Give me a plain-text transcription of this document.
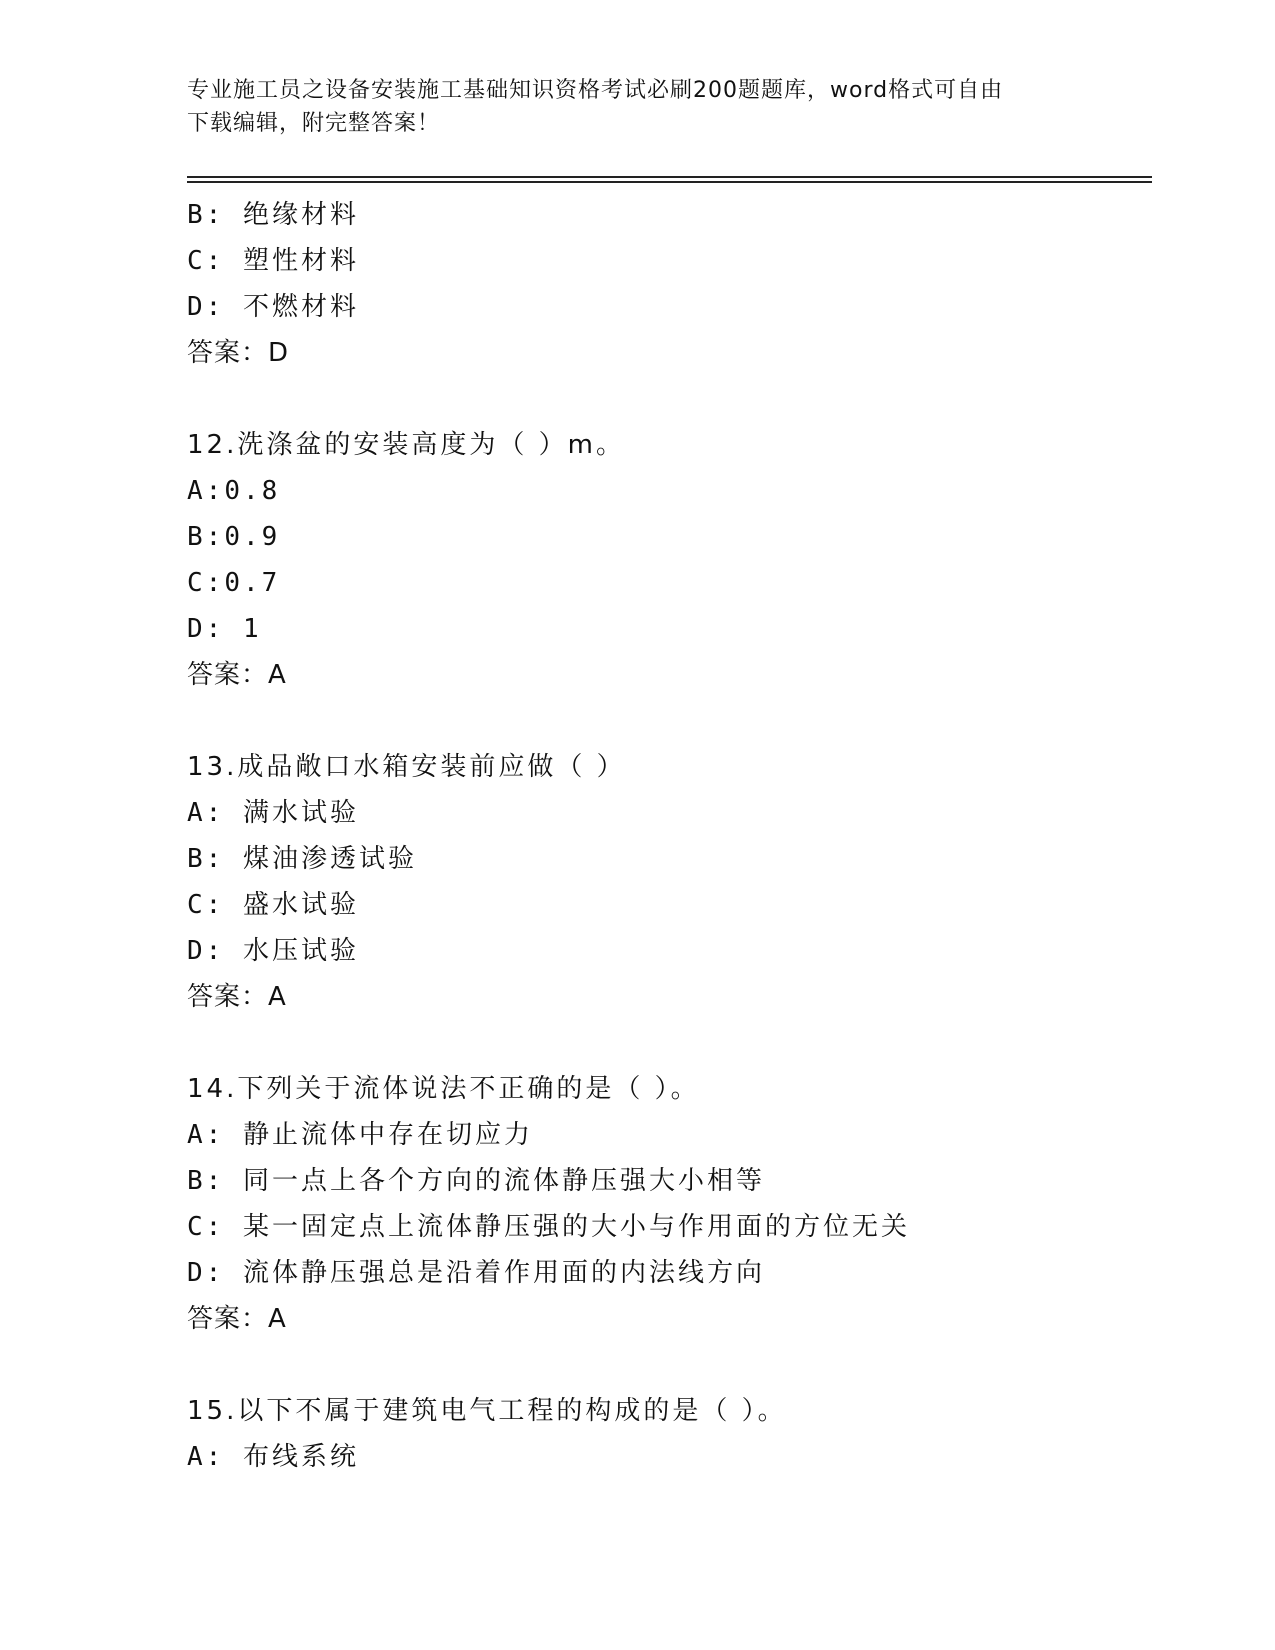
专业施工员之设备安装施工基础知识资格考试必刷200题题库，word格式可自由
下载编辑，附完整答案！
B: 绝缘材料
C: 塑性材料
D: 不燃材料
答案：D
12.洗涤盆的安装高度为（ ）m。
A:0.8
B:0.9
C:0.7
D: 1
答案：A
13.成品敞口水箱安装前应做（ ）
A: 满水试验
B: 煤油渗透试验
C: 盛水试验
D: 水压试验
答案：A
14.下列关于流体说法不正确的是（ ）。
A: 静止流体中存在切应力
B: 同一点上各个方向的流体静压强大小相等
C: 某一固定点上流体静压强的大小与作用面的方位无关
D: 流体静压强总是沿着作用面的内法线方向
答案：A
15.以下不属于建筑电气工程的构成的是（ ）。
A: 布线系统
